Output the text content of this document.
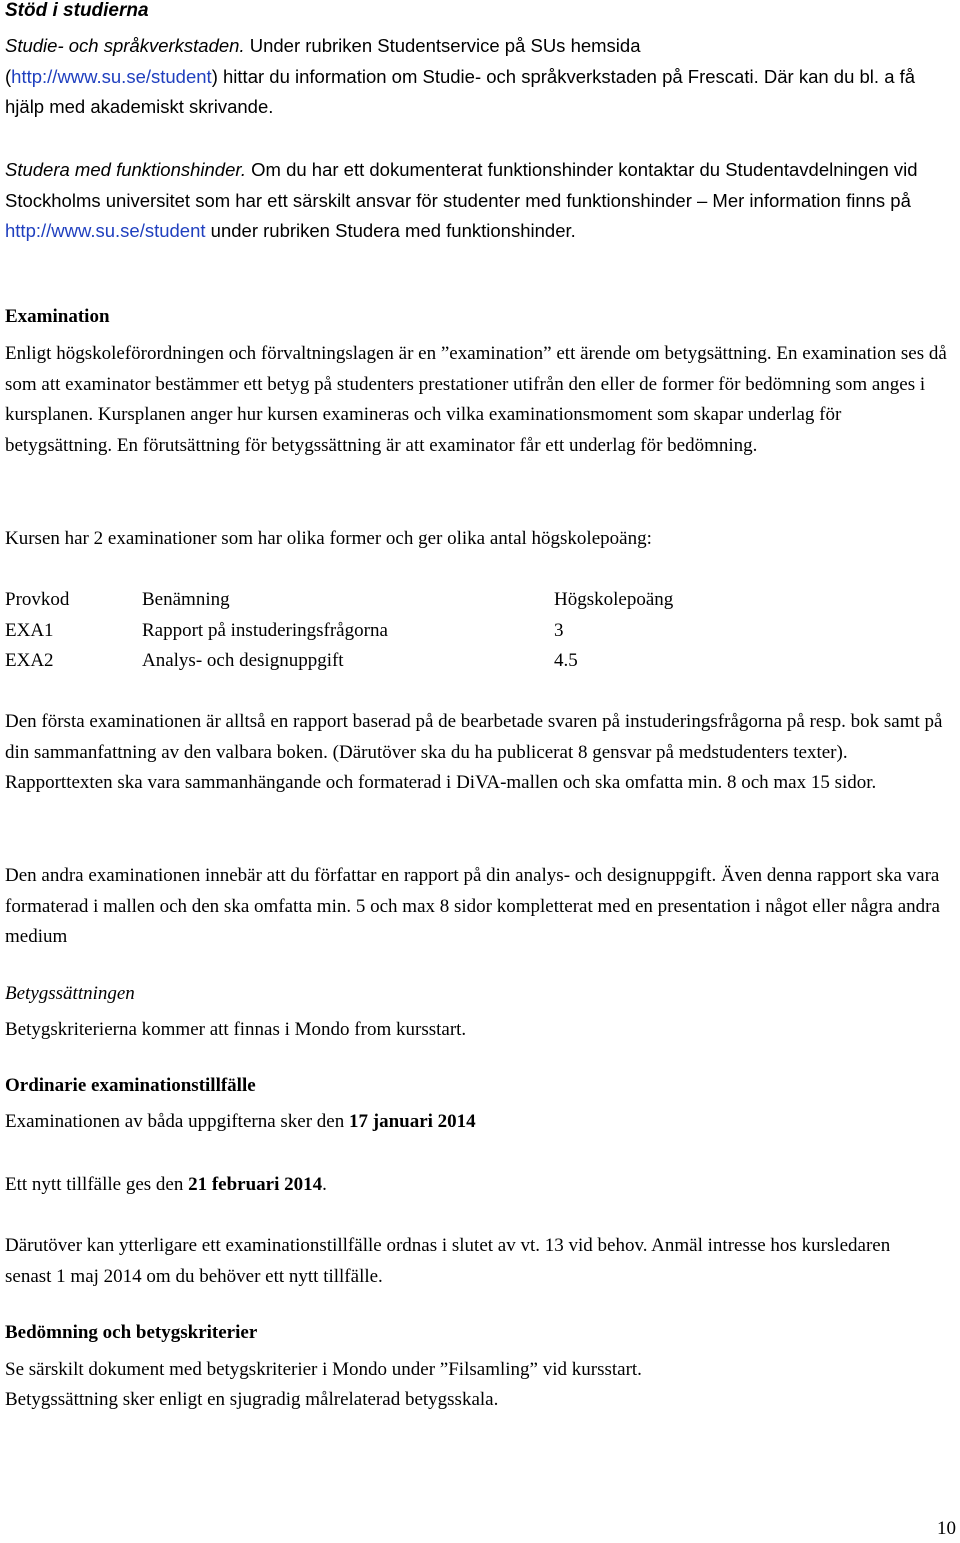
Stöd i studierna

Studie- och språkverkstaden. Under rubriken Studentservice på SUs hemsida
(http://www.su.se/student) hittar du information om Studie- och språkverkstaden på Frescati. Där kan du bl. a få hjälp med akademiskt skrivande.

Studera med funktionshinder. Om du har ett dokumenterat funktionshinder kontaktar du Studentavdelningen vid Stockholms universitet som har ett särskilt ansvar för studenter med funktionshinder – Mer information finns på http://www.su.se/student under rubriken Studera med funktionshinder.

Examination

Enligt högskoleförordningen och förvaltningslagen är en ”examination” ett ärende om betygsättning. En examination ses då som att examinator bestämmer ett betyg på studenters prestationer utifrån den eller de former för bedömning som anges i kursplanen. Kursplanen anger hur kursen examineras och vilka examinationsmoment som skapar underlag för betygsättning. En förutsättning för betygssättning är att examinator får ett underlag för bedömning.

Kursen har 2 examinationer som har olika former och ger olika antal högskolepoäng:

Provkod	Benämning	Högskolepoäng
EXA1	Rapport på instuderingsfrågorna	3
EXA2	Analys- och designuppgift	4.5

Den första examinationen är alltså en rapport baserad på de bearbetade svaren på instuderingsfrågorna på resp. bok samt på din sammanfattning av den valbara boken. (Därutöver ska du ha publicerat 8 gensvar på medstudenters texter). Rapporttexten ska vara sammanhängande och formaterad i DiVA-mallen och ska omfatta min. 8 och max 15 sidor.

Den andra examinationen innebär att du författar en rapport på din analys- och designuppgift. Även denna rapport ska vara formaterad i mallen och den ska omfatta min. 5 och max 8 sidor kompletterat med en presentation i något eller några andra medium

Betygssättningen

Betygskriterierna kommer att finnas i Mondo from kursstart.

Ordinarie examinationstillfälle

Examinationen av båda uppgifterna sker den 17 januari 2014

Ett nytt tillfälle ges den 21 februari 2014.

Därutöver kan ytterligare ett examinationstillfälle ordnas i slutet av vt. 13 vid behov. Anmäl intresse hos kursledaren senast 1 maj 2014 om du behöver ett nytt tillfälle.

Bedömning och betygskriterier

Se särskilt dokument med betygskriterier i Mondo under ”Filsamling” vid kursstart.

Betygssättning sker enligt en sjugradig målrelaterad betygsskala.

10
